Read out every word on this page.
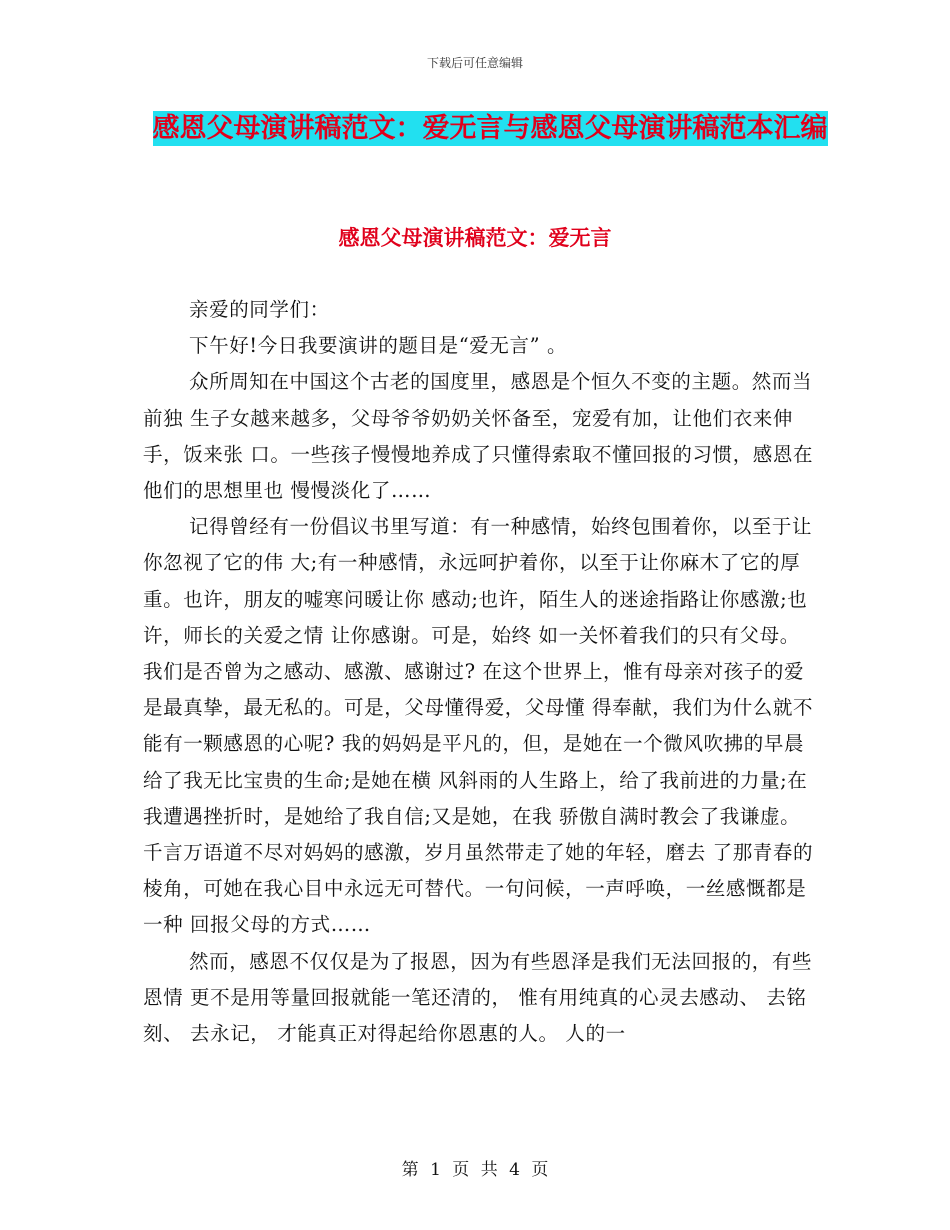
下载后可任意编辑
感恩父母演讲稿范文：爱无言与感恩父母演讲稿范本汇编
感恩父母演讲稿范文：爱无言

亲爱的同学们：

下午好!今日我要演讲的题目是“爱无言” 。

众所周知在中国这个古老的国度里，感恩是个恒久不变的主题。然而当前独 生子女越来越多，父母爷爷奶奶关怀备至，宠爱有加，让他们衣来伸手，饭来张 口。一些孩子慢慢地养成了只懂得索取不懂回报的习惯，感恩在他们的思想里也 慢慢淡化了……

记得曾经有一份倡议书里写道：有一种感情，始终包围着你，以至于让你忽视了它的伟 大;有一种感情，永远呵护着你，以至于让你麻木了它的厚重。也许，朋友的嘘寒问暖让你 感动;也许，陌生人的迷途指路让你感激;也许，师长的关爱之情 让你感谢。可是，始终 如一关怀着我们的只有父母。我们是否曾为之感动、感激、感谢过? 在这个世界上，惟有母亲对孩子的爱是最真挚，最无私的。可是，父母懂得爱，父母懂 得奉献，我们为什么就不能有一颗感恩的心呢? 我的妈妈是平凡的，但，是她在一个微风吹拂的早晨给了我无比宝贵的生命;是她在横 风斜雨的人生路上，给了我前进的力量;在我遭遇挫折时，是她给了我自信;又是她，在我 骄傲自满时教会了我谦虚。千言万语道不尽对妈妈的感激，岁月虽然带走了她的年轻，磨去 了那青春的棱角，可她在我心目中永远无可替代。一句问候，一声呼唤，一丝感慨都是一种 回报父母的方式……

然而，感恩不仅仅是为了报恩，因为有些恩泽是我们无法回报的，有些恩情 更不是用等量回报就能一笔还清的， 惟有用纯真的心灵去感动、 去铭刻、 去永记， 才能真正对得起给你恩惠的人。 人的一

第 1 页 共 4 页
